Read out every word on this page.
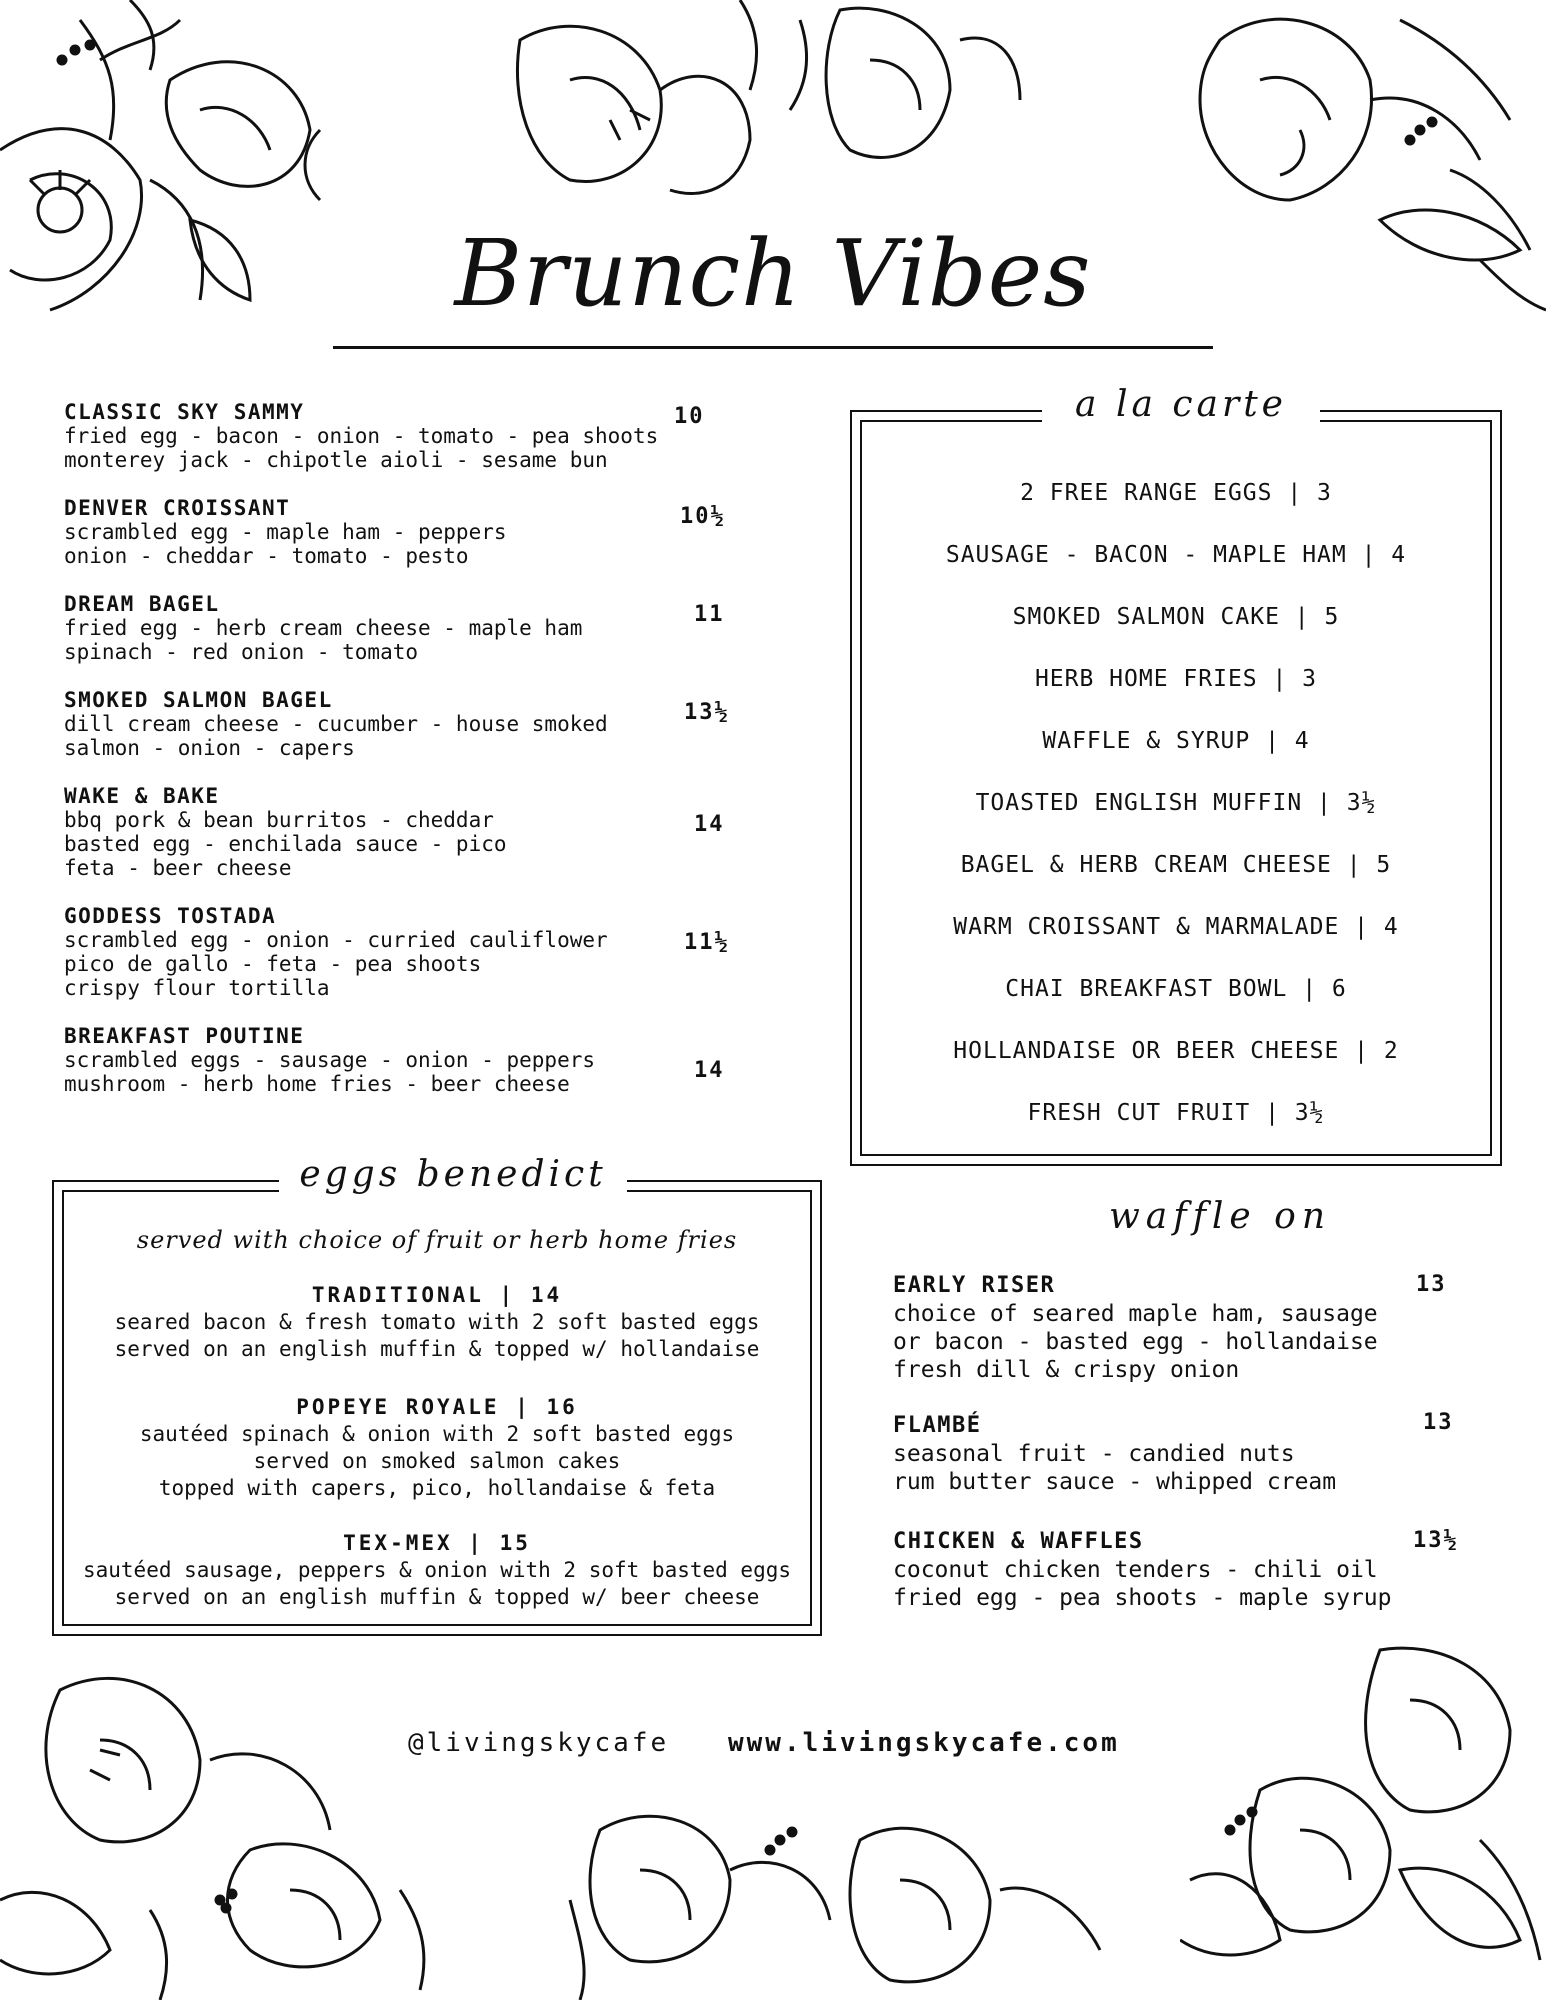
Brunch Vibes
CLASSIC SKY SAMMY
fried egg - bacon - onion - tomato - pea shoots
monterey jack - chipotle aioli - sesame bun
10
DENVER CROISSANT
scrambled egg - maple ham - peppers
onion - cheddar - tomato - pesto
10½
DREAM BAGEL
fried egg - herb cream cheese - maple ham
spinach - red onion - tomato
11
SMOKED SALMON BAGEL
dill cream cheese - cucumber - house smoked
salmon - onion - capers
13½
WAKE & BAKE
bbq pork & bean burritos - cheddar
basted egg - enchilada sauce - pico
feta - beer cheese
14
GODDESS TOSTADA
scrambled egg - onion - curried cauliflower
pico de gallo - feta - pea shoots
crispy flour tortilla
11½
BREAKFAST POUTINE
scrambled eggs - sausage - onion - peppers
mushroom - herb home fries - beer cheese
14
a la carte
2 FREE RANGE EGGS | 3
SAUSAGE - BACON - MAPLE HAM | 4
SMOKED SALMON CAKE | 5
HERB HOME FRIES | 3
WAFFLE & SYRUP | 4
TOASTED ENGLISH MUFFIN | 3½
BAGEL & HERB CREAM CHEESE | 5
WARM CROISSANT & MARMALADE | 4
CHAI BREAKFAST BOWL | 6
HOLLANDAISE OR BEER CHEESE | 2
FRESH CUT FRUIT | 3½
eggs benedict
served with choice of fruit or herb home fries
TRADITIONAL | 14
seared bacon & fresh tomato with 2 soft basted eggs
served on an english muffin & topped w/ hollandaise
POPEYE ROYALE | 16
sautéed spinach & onion with 2 soft basted eggs
served on smoked salmon cakes
topped with capers, pico, hollandaise & feta
TEX-MEX | 15
sautéed sausage, peppers & onion with 2 soft basted eggs
served on an english muffin & topped w/ beer cheese
waffle on
EARLY RISER
choice of seared maple ham, sausage
or bacon - basted egg - hollandaise
fresh dill & crispy onion
13
FLAMBÉ
seasonal fruit - candied nuts
rum butter sauce - whipped cream
13
CHICKEN & WAFFLES
coconut chicken tenders - chili oil
fried egg - pea shoots - maple syrup
13½
@livingskycafe www.livingskycafe.com
